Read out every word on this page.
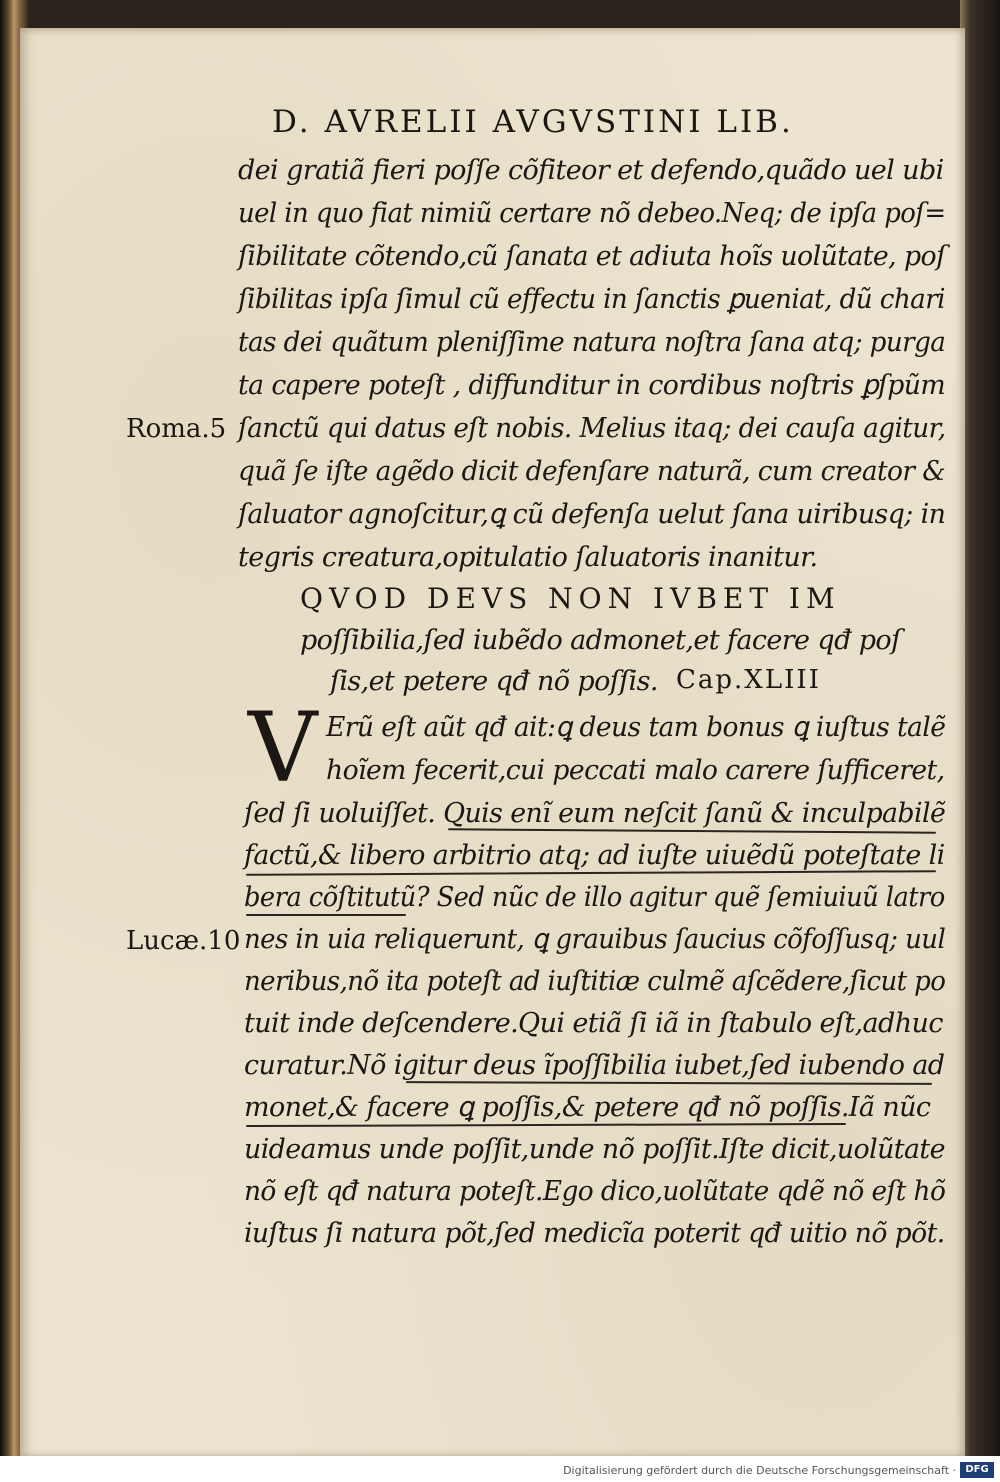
D. AVRELII AVGVSTINI LIB.
dei gratiã fieri poſſe cõfiteor et defendo,quãdo uel ubi
uel in quo fiat nimiũ certare nõ debeo.Neq; de ipſa poſ=
ſibilitate cõtendo,cũ ſanata et adiuta hoĩs uolũtate, poſ
ſibilitas ipſa ſimul cũ effectu in ſanctis ꝑueniat, dũ chari
tas dei quãtum pleniſſime natura noſtra ſana atq; purga
ta capere poteſt , diffunditur in cordibus noſtris ꝑſpũm
ſanctũ qui datus eſt nobis. Melius itaq; dei cauſa agitur,
quã ſe iſte agẽdo dicit defenſare naturã, cum creator &
ſaluator agnoſcitur,ꝗ cũ defenſa uelut ſana uiribusq; in
tegris creatura,opitulatio ſaluatoris inanitur.
Roma.5
QVOD DEVS NON IVBET IM
poſſibilia,ſed iubẽdo admonet,et facere qđ poſ
ſis,et petere qđ nõ poſſis. Cap.XLIII
V Erũ eſt aũt qđ ait:ꝗ deus tam bonus ꝗ iuſtus talẽ
hoĩem fecerit,cui peccati malo carere ſufficeret,
ſed ſi uoluiſſet. Quis enĩ eum neſcit ſanũ & inculpabilẽ
factũ,& libero arbitrio atq; ad iuſte uiuẽdũ poteſtate li
bera cõſtitutũ? Sed nũc de illo agitur quẽ ſemiuiuũ latro
nes in uia reliquerunt, ꝗ grauibus ſaucius cõfoſſusq; uul
neribus,nõ ita poteſt ad iuſtitiæ culmẽ aſcẽdere,ſicut po
tuit inde deſcendere.Qui etiã ſi iã in ſtabulo eſt,adhuc
curatur.Nõ igitur deus ĩpoſſibilia iubet,ſed iubendo ad
monet,& facere ꝗ poſſis,& petere qđ nõ poſſis.Iã nũc
uideamus unde poſſit,unde nõ poſſit.Iſte dicit,uolũtate
nõ eſt qđ natura poteſt.Ego dico,uolũtate qdẽ nõ eſt hõ
iuſtus ſi natura põt,ſed medicĩa poterit qđ uitio nõ põt.
Lucæ.10
Digitalisierung gefördert durch die Deutsche Forschungsgemeinschaft · DFG
